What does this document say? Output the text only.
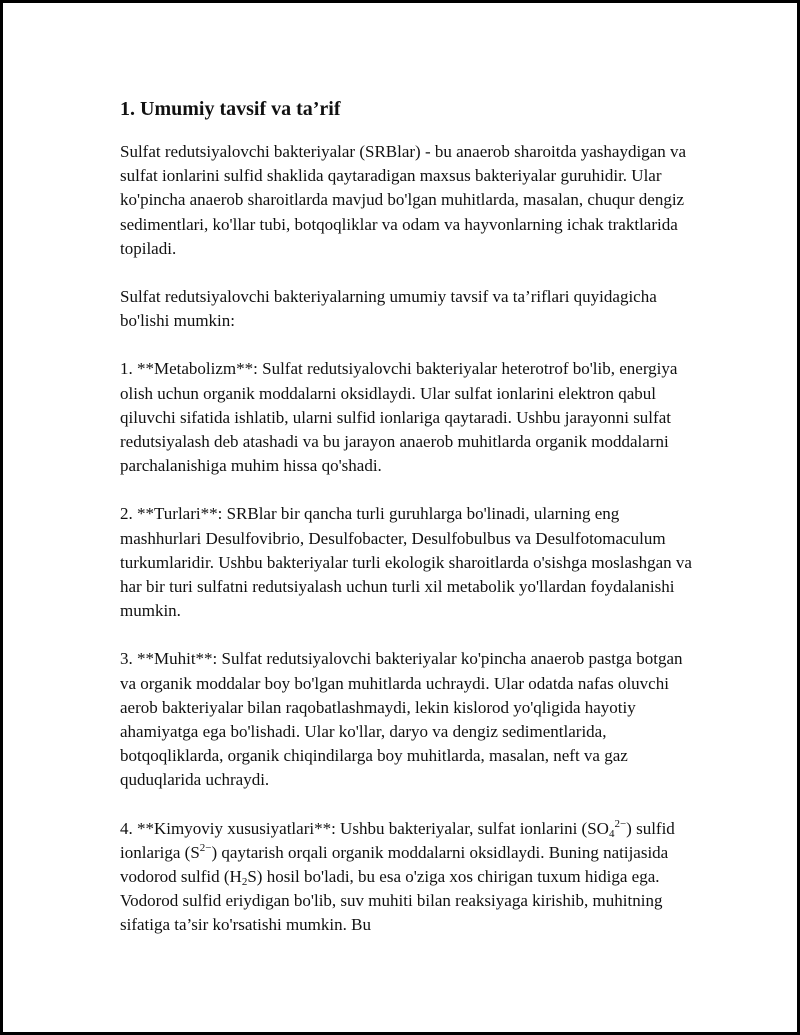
1. Umumiy tavsif va ta’rif

Sulfat redutsiyalovchi bakteriyalar (SRBlar) - bu anaerob sharoitda yashaydigan va sulfat ionlarini sulfid shaklida qaytaradigan maxsus bakteriyalar guruhidir. Ular ko'pincha anaerob sharoitlarda mavjud bo'lgan muhitlarda, masalan, chuqur dengiz sedimentlari, ko'llar tubi, botqoqliklar va odam va hayvonlarning ichak traktlarida topiladi.

Sulfat redutsiyalovchi bakteriyalarning umumiy tavsif va ta’riflari quyidagicha bo'lishi mumkin:

1. **Metabolizm**: Sulfat redutsiyalovchi bakteriyalar heterotrof bo'lib, energiya olish uchun organik moddalarni oksidlaydi. Ular sulfat ionlarini elektron qabul qiluvchi sifatida ishlatib, ularni sulfid ionlariga qaytaradi. Ushbu jarayonni sulfat redutsiyalash deb atashadi va bu jarayon anaerob muhitlarda organik moddalarni parchalanishiga muhim hissa qo'shadi.

2. **Turlari**: SRBlar bir qancha turli guruhlarga bo'linadi, ularning eng mashhurlari Desulfovibrio, Desulfobacter, Desulfobulbus va Desulfotomaculum turkumlaridir. Ushbu bakteriyalar turli ekologik sharoitlarda o'sishga moslashgan va har bir turi sulfatni redutsiyalash uchun turli xil metabolik yo'llardan foydalanishi mumkin.

3. **Muhit**: Sulfat redutsiyalovchi bakteriyalar ko'pincha anaerob pastga botgan va organik moddalar boy bo'lgan muhitlarda uchraydi. Ular odatda nafas oluvchi aerob bakteriyalar bilan raqobatlashmaydi, lekin kislorod yo'qligida hayotiy ahamiyatga ega bo'lishadi. Ular ko'llar, daryo va dengiz sedimentlarida, botqoqliklarda, organik chiqindilarga boy muhitlarda, masalan, neft va gaz quduqlarida uchraydi.

4. **Kimyoviy xususiyatlari**: Ushbu bakteriyalar, sulfat ionlarini $(SO_4^{2-})$ sulfid ionlariga $(S^{2-})$ qaytarish orqali organik moddalarni oksidlaydi. Buning natijasida vodorod sulfid $(H_2S)$ hosil bo'ladi, bu esa o'ziga xos chirigan tuxum hidiga ega. Vodorod sulfid eriydigan bo'lib, suv muhiti bilan reaksiyaga kirishib, muhitning sifatiga ta’sir ko'rsatishi mumkin. Bu
